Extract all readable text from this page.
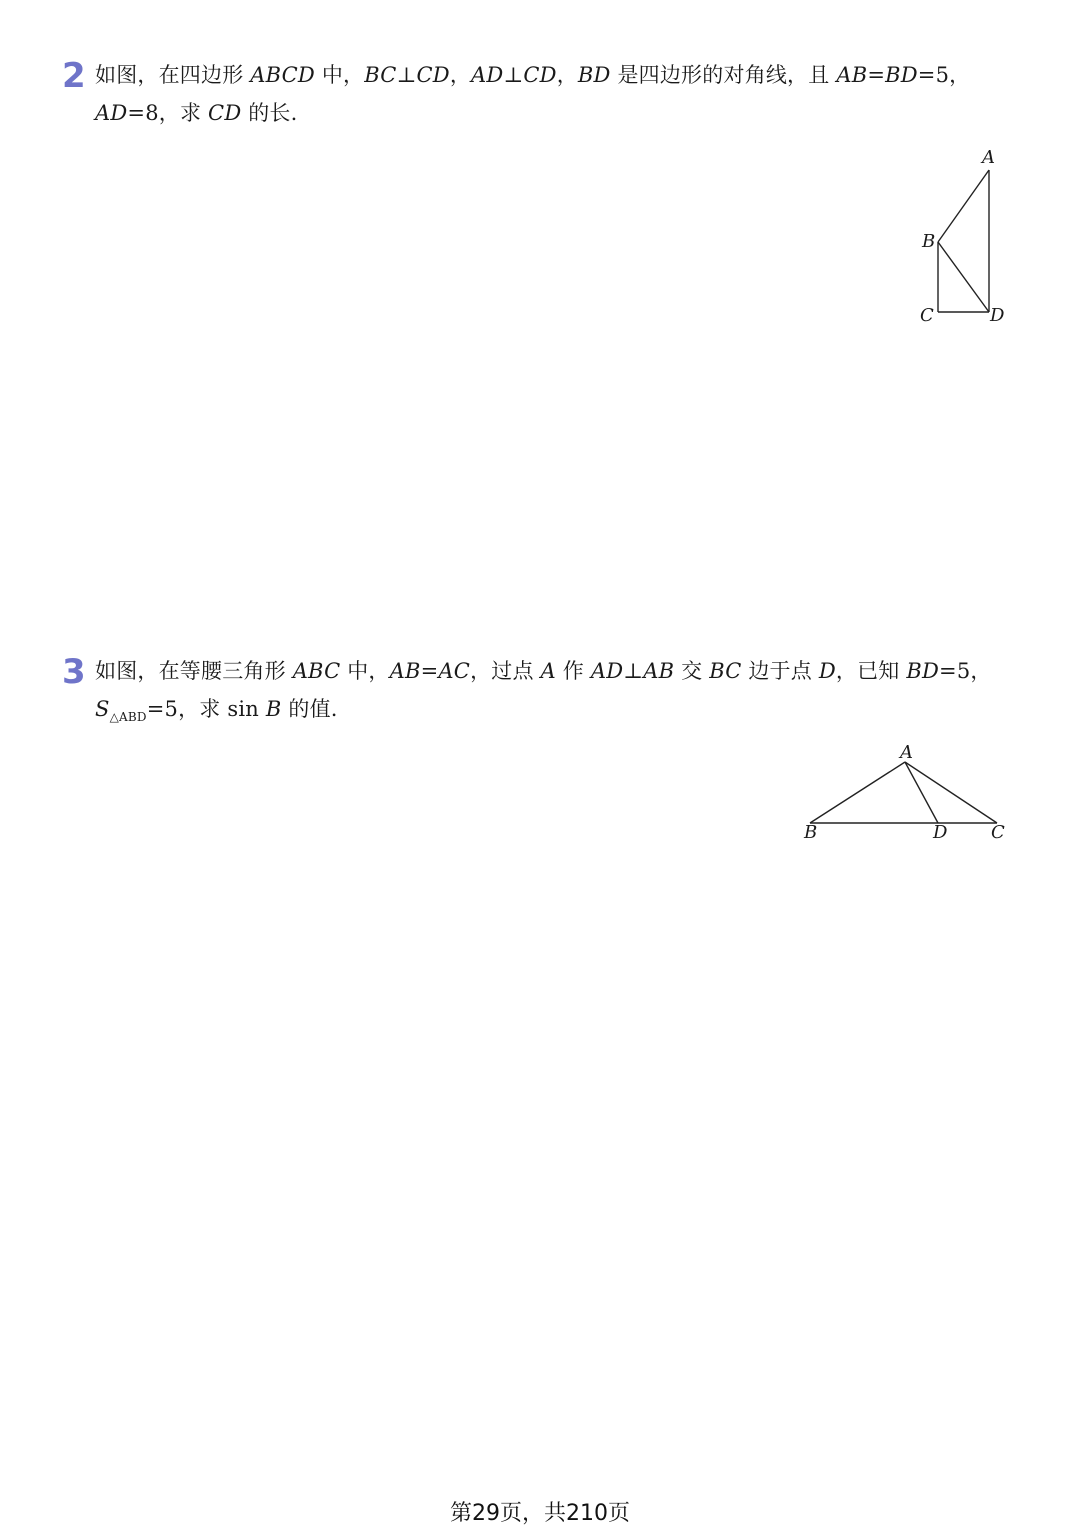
2 如图，在四边形 ABCD 中，BC⊥CD，AD⊥CD，BD 是四边形的对角线，且 AB=BD=5，AD=8，求 CD 的长.
A
B
C	D
3 如图，在等腰三角形 ABC 中，AB=AC，过点 A 作 AD⊥AB 交 BC 边于点 D，已知 BD=5，$S_{\triangle ABD}=5$，求 sin B 的值.
A
B	D C
第29页，共210页
